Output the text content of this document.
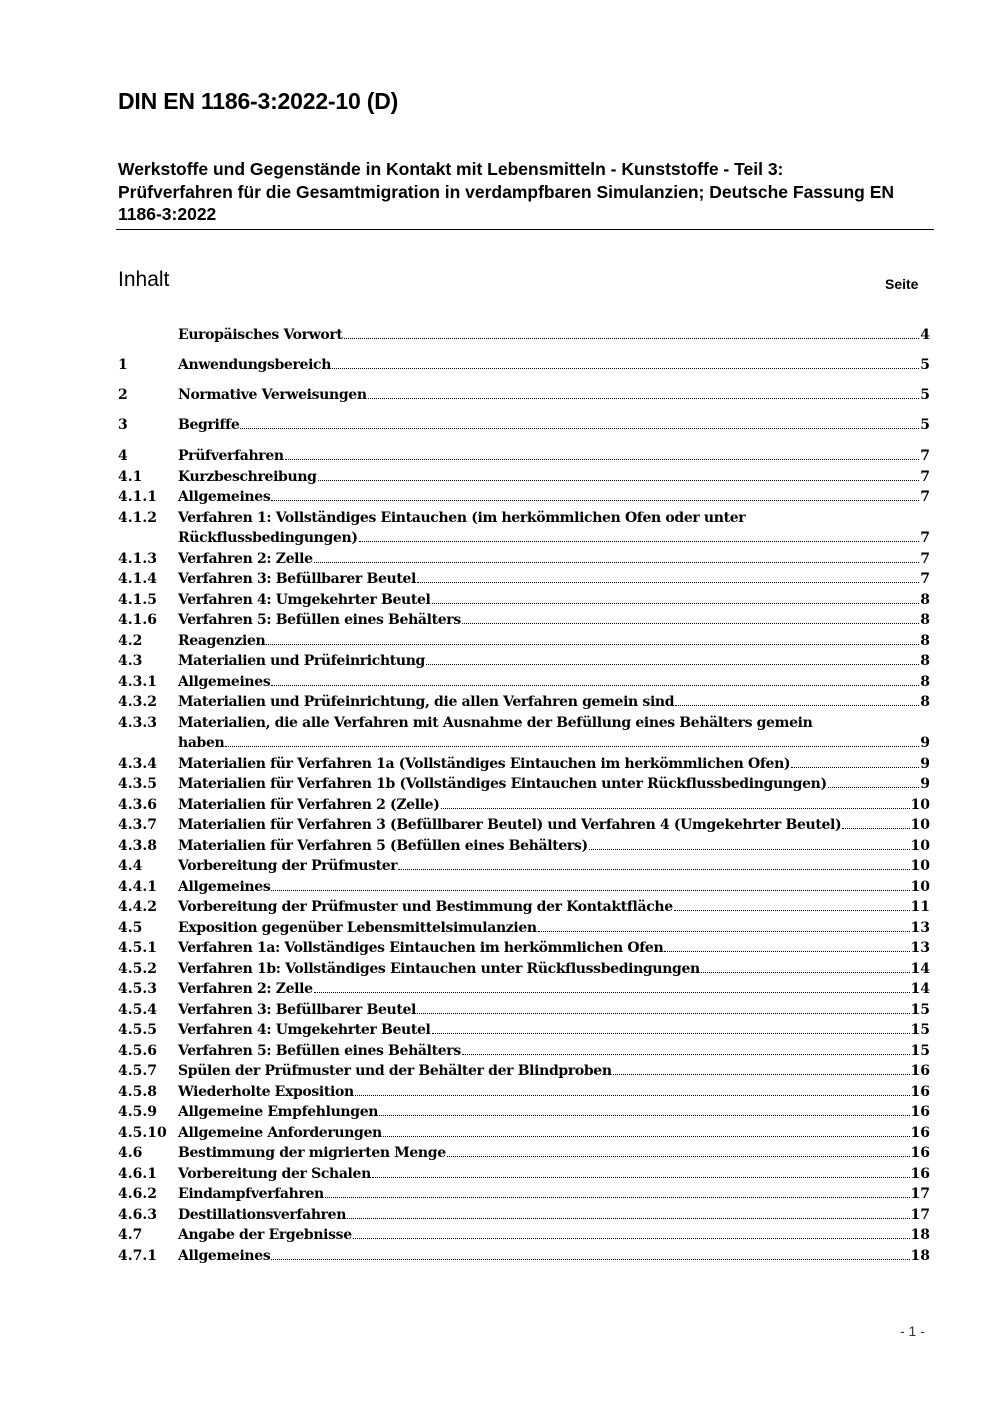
DIN EN 1186-3:2022-10 (D)
Werkstoffe und Gegenstände in Kontakt mit Lebensmitteln - Kunststoffe - Teil 3: Prüfverfahren für die Gesamtmigration in verdampfbaren Simulanzien; Deutsche Fassung EN 1186-3:2022
Inhalt	Seite
Europäisches Vorwort	4
1	Anwendungsbereich	5
2	Normative Verweisungen	5
3	Begriffe	5
4	Prüfverfahren	7
4.1	Kurzbeschreibung	7
4.1.1	Allgemeines	7
4.1.2	Verfahren 1: Vollständiges Eintauchen (im herkömmlichen Ofen oder unter
Rückflussbedingungen)	7
4.1.3	Verfahren 2: Zelle	7
4.1.4	Verfahren 3: Befüllbarer Beutel	7
4.1.5	Verfahren 4: Umgekehrter Beutel	8
4.1.6	Verfahren 5: Befüllen eines Behälters	8
4.2	Reagenzien	8
4.3	Materialien und Prüfeinrichtung	8
4.3.1	Allgemeines	8
4.3.2	Materialien und Prüfeinrichtung, die allen Verfahren gemein sind	8
4.3.3	Materialien, die alle Verfahren mit Ausnahme der Befüllung eines Behälters gemein
haben	9
4.3.4	Materialien für Verfahren 1a (Vollständiges Eintauchen im herkömmlichen Ofen)	9
4.3.5	Materialien für Verfahren 1b (Vollständiges Eintauchen unter Rückflussbedingungen)	9
4.3.6	Materialien für Verfahren 2 (Zelle)	10
4.3.7	Materialien für Verfahren 3 (Befüllbarer Beutel) und Verfahren 4 (Umgekehrter Beutel)	10
4.3.8	Materialien für Verfahren 5 (Befüllen eines Behälters)	10
4.4	Vorbereitung der Prüfmuster	10
4.4.1	Allgemeines	10
4.4.2	Vorbereitung der Prüfmuster und Bestimmung der Kontaktfläche	11
4.5	Exposition gegenüber Lebensmittelsimulanzien	13
4.5.1	Verfahren 1a: Vollständiges Eintauchen im herkömmlichen Ofen	13
4.5.2	Verfahren 1b: Vollständiges Eintauchen unter Rückflussbedingungen	14
4.5.3	Verfahren 2: Zelle	14
4.5.4	Verfahren 3: Befüllbarer Beutel	15
4.5.5	Verfahren 4: Umgekehrter Beutel	15
4.5.6	Verfahren 5: Befüllen eines Behälters	15
4.5.7	Spülen der Prüfmuster und der Behälter der Blindproben	16
4.5.8	Wiederholte Exposition	16
4.5.9	Allgemeine Empfehlungen	16
4.5.10 Allgemeine Anforderungen	16
4.6	Bestimmung der migrierten Menge	16
4.6.1	Vorbereitung der Schalen	16
4.6.2	Eindampfverfahren	17
4.6.3	Destillationsverfahren	17
4.7	Angabe der Ergebnisse	18
4.7.1	Allgemeines	18
- 1 -
